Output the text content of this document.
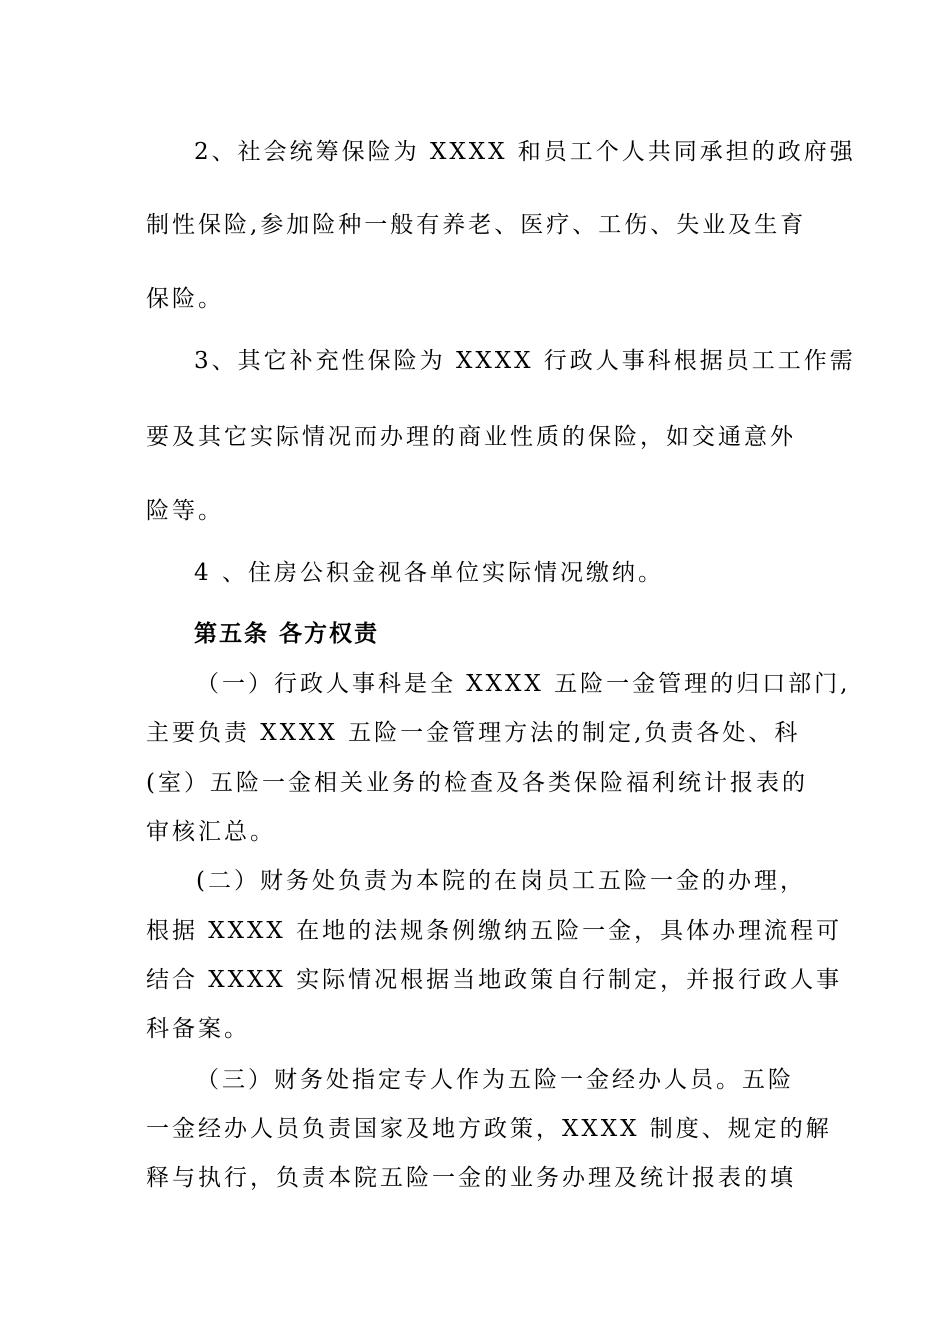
2、社会统筹保险为 XXXX 和员工个人共同承担的政府强
制性保险,参加险种一般有养老、医疗、工伤、失业及生育
保险。
3、其它补充性保险为 XXXX 行政人事科根据员工工作需
要及其它实际情况而办理的商业性质的保险，如交通意外
险等。
4 、住房公积金视各单位实际情况缴纳。
第五条 各方权责
（一）行政人事科是全 XXXX 五险一金管理的归口部门,
主要负责 XXXX 五险一金管理方法的制定,负责各处、科
(室）五险一金相关业务的检查及各类保险福利统计报表的
审核汇总。
(二）财务处负责为本院的在岗员工五险一金的办理，
根据 XXXX 在地的法规条例缴纳五险一金，具体办理流程可
结合 XXXX 实际情况根据当地政策自行制定，并报行政人事
科备案。
（三）财务处指定专人作为五险一金经办人员。五险
一金经办人员负责国家及地方政策，XXXX 制度、规定的解
释与执行，负责本院五险一金的业务办理及统计报表的填
